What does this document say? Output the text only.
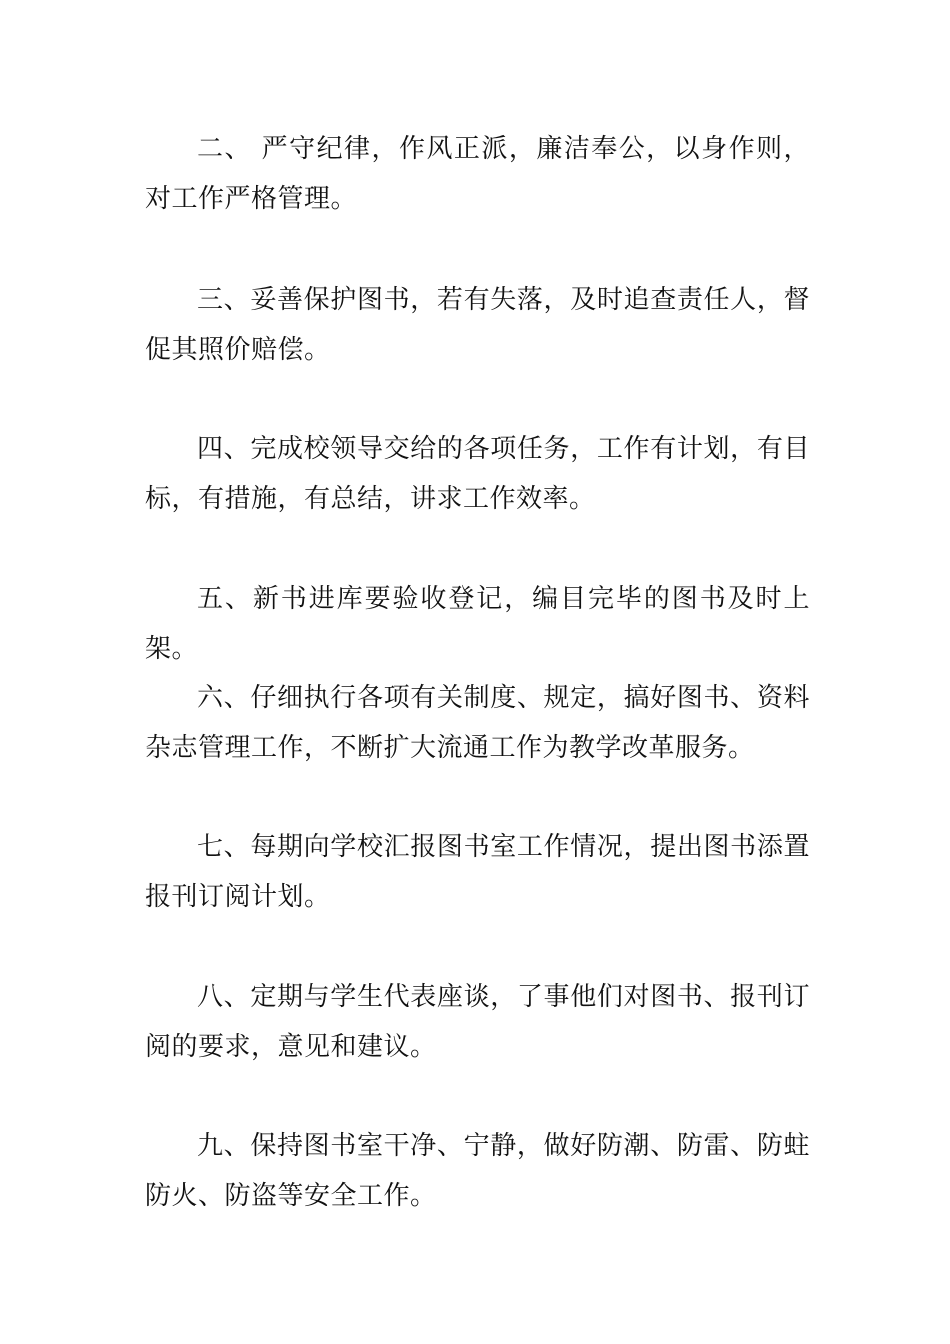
二、 严守纪律，作风正派，廉洁奉公，以身作则，对工作严格管理。

三、妥善保护图书，若有失落，及时追查责任人，督促其照价赔偿。

四、完成校领导交给的各项任务，工作有计划，有目标，有措施，有总结，讲求工作效率。

五、新书进库要验收登记，编目完毕的图书及时上架。

六、仔细执行各项有关制度、规定，搞好图书、资料杂志管理工作，不断扩大流通工作为教学改革服务。

七、每期向学校汇报图书室工作情况，提出图书添置报刊订阅计划。

八、定期与学生代表座谈，了事他们对图书、报刊订阅的要求，意见和建议。

九、保持图书室干净、宁静，做好防潮、防雷、防蛀防火、防盗等安全工作。
